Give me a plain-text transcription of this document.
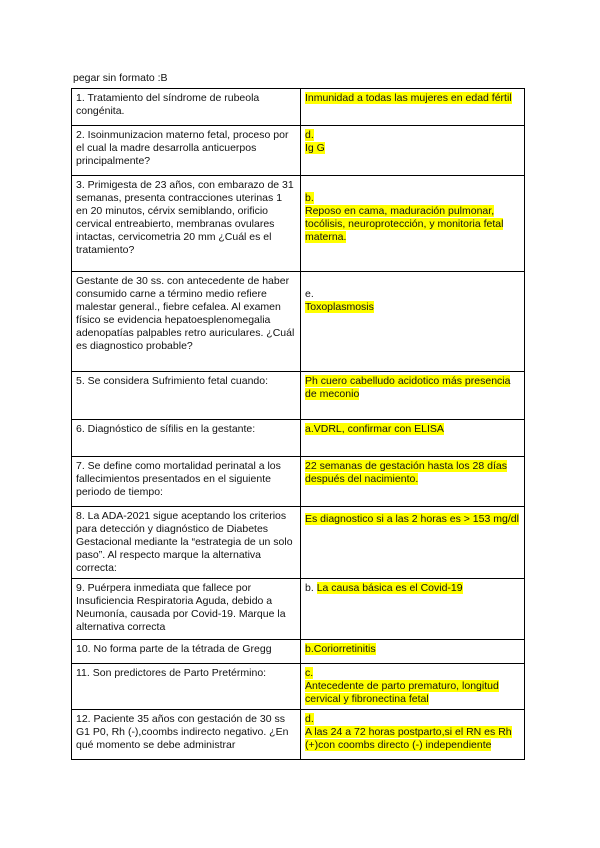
pegar sin formato :B
1. Tratamiento del síndrome de rubeola congénita.	Inmunidad a todas las mujeres en edad fértil
2. Isoinmunizacion materno fetal, proceso por el cual la madre desarrolla anticuerpos principalmente?	d.
Ig G
3. Primigesta de 23 años, con embarazo de 31 semanas, presenta contracciones uterinas 1 en 20 minutos, cérvix semiblando, orificio cervical entreabierto, membranas ovulares intactas, cervicometria 20 mm ¿Cuál es el tratamiento?	b.
Reposo en cama, maduración pulmonar, tocólisis, neuroprotección, y monitoria fetal materna.
Gestante de 30 ss. con antecedente de haber consumido carne a término medio refiere malestar general., fiebre cefalea. Al examen físico se evidencia hepatoesplenomegalia adenopatías palpables retro auriculares. ¿Cuál es diagnostico probable?	e.
Toxoplasmosis
5. Se considera Sufrimiento fetal cuando:	Ph cuero cabelludo acidotico más presencia de meconio
6. Diagnóstico de sífilis en la gestante:	a.VDRL, confirmar con ELISA
7. Se define como mortalidad perinatal a los fallecimientos presentados en el siguiente periodo de tiempo:	22 semanas de gestación hasta los 28 días después del nacimiento.
8. La ADA-2021 sigue aceptando los criterios para detección y diagnóstico de Diabetes Gestacional mediante la “estrategia de un solo paso”. Al respecto marque la alternativa correcta:	Es diagnostico si a las 2 horas es > 153 mg/dl
9. Puérpera inmediata que fallece por Insuficiencia Respiratoria Aguda, debido a Neumonía, causada por Covid-19. Marque la alternativa correcta	b. La causa básica es el Covid-19
10. No forma parte de la tétrada de Gregg	b.Coriorretinitis
11. Son predictores de Parto Pretérmino:	c.
Antecedente de parto prematuro, longitud cervical y fibronectina fetal
12. Paciente 35 años con gestación de 30 ss G1 P0, Rh (-),coombs indirecto negativo. ¿En qué momento se debe administrar	d.
A las 24 a 72 horas postparto,si el RN es Rh (+)con coombs directo (-) independiente
